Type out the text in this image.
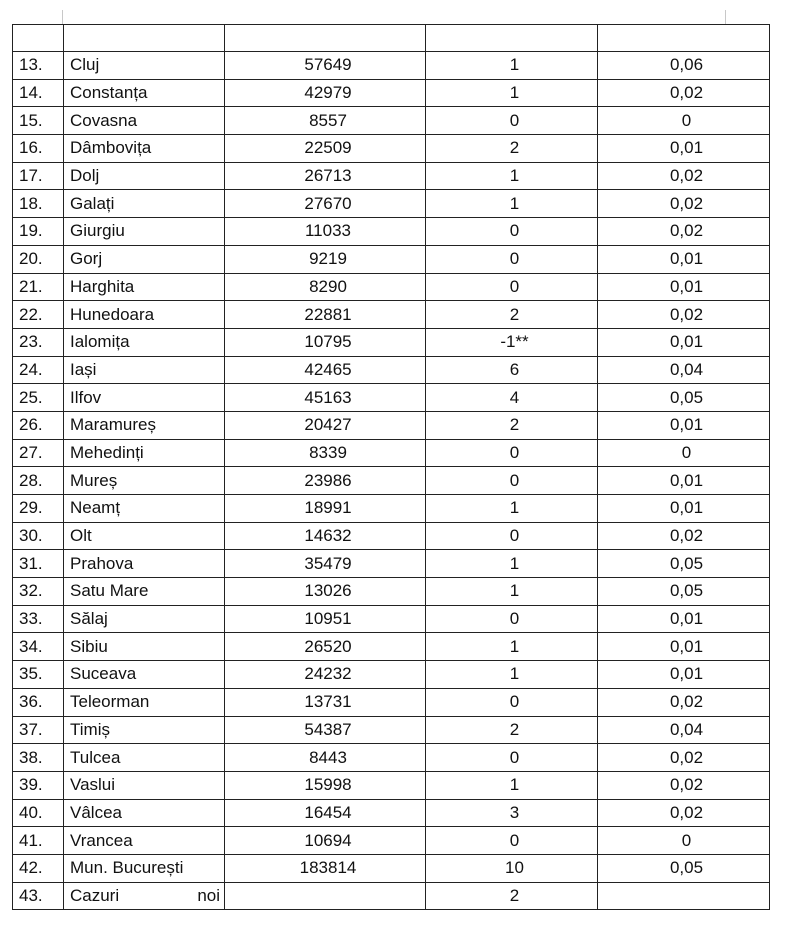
13.	Cluj	57649	1	0,06
14.	Constanța	42979	1	0,02
15.	Covasna	8557	0	0
16.	Dâmbovița	22509	2	0,01
17.	Dolj	26713	1	0,02
18.	Galați	27670	1	0,02
19.	Giurgiu	11033	0	0,02
20.	Gorj	9219	0	0,01
21.	Harghita	8290	0	0,01
22.	Hunedoara	22881	2	0,02
23.	Ialomița	10795	-1**	0,01
24.	Iași	42465	6	0,04
25.	Ilfov	45163	4	0,05
26.	Maramureș	20427	2	0,01
27.	Mehedinți	8339	0	0
28.	Mureș	23986	0	0,01
29.	Neamț	18991	1	0,01
30.	Olt	14632	0	0,02
31.	Prahova	35479	1	0,05
32.	Satu Mare	13026	1	0,05
33.	Sălaj	10951	0	0,01
34.	Sibiu	26520	1	0,01
35.	Suceava	24232	1	0,01
36.	Teleorman	13731	0	0,02
37.	Timiș	54387	2	0,04
38.	Tulcea	8443	0	0,02
39.	Vaslui	15998	1	0,02
40.	Vâlcea	16454	3	0,02
41.	Vrancea	10694	0	0
42.	Mun. București	183814	10	0,05
43.	Cazuri noi		2	
